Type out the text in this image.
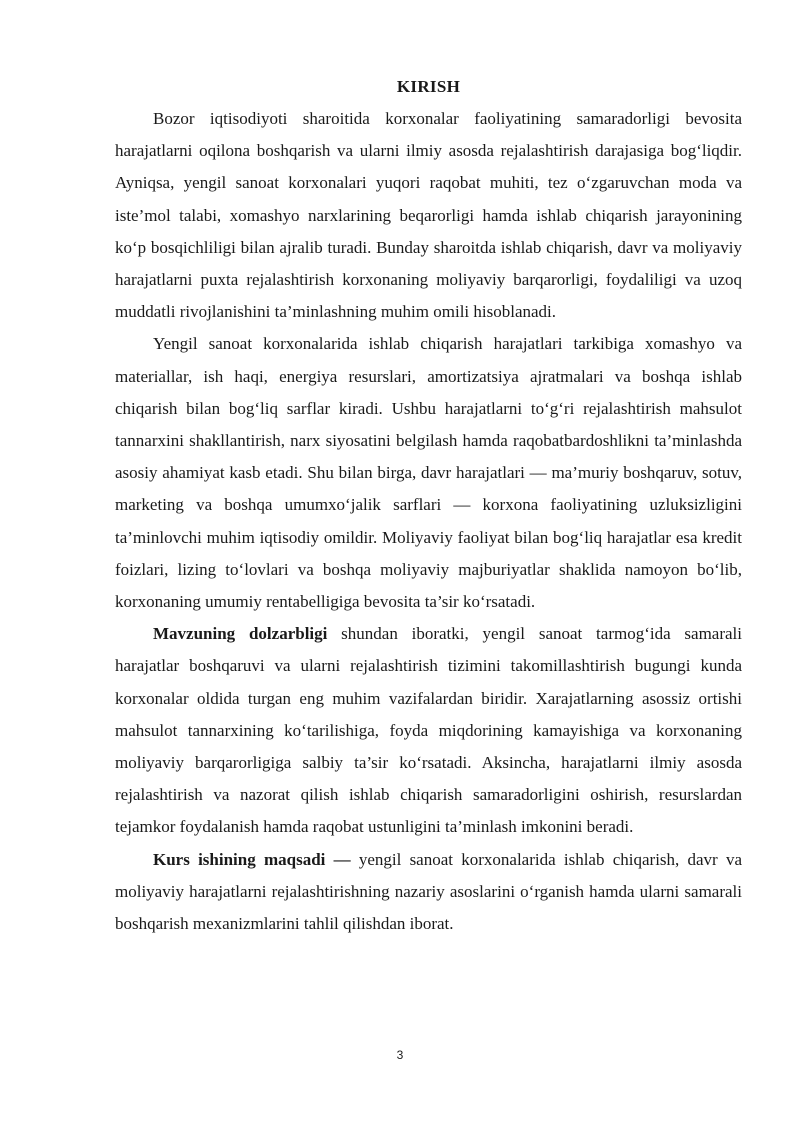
KIRISH

Bozor iqtisodiyoti sharoitida korxonalar faoliyatining samaradorligi bevosita harajatlarni oqilona boshqarish va ularni ilmiy asosda rejalashtirish darajasiga bog‘liqdir. Ayniqsa, yengil sanoat korxonalari yuqori raqobat muhiti, tez o‘zgaruvchan moda va iste’mol talabi, xomashyo narxlarining beqarorligi hamda ishlab chiqarish jarayonining ko‘p bosqichliligi bilan ajralib turadi. Bunday sharoitda ishlab chiqarish, davr va moliyaviy harajatlarni puxta rejalashtirish korxonaning moliyaviy barqarorligi, foydaliligi va uzoq muddatli rivojlanishini ta’minlashning muhim omili hisoblanadi.

Yengil sanoat korxonalarida ishlab chiqarish harajatlari tarkibiga xomashyo va materiallar, ish haqi, energiya resurslari, amortizatsiya ajratmalari va boshqa ishlab chiqarish bilan bog‘liq sarflar kiradi. Ushbu harajatlarni to‘g‘ri rejalashtirish mahsulot tannarxini shakllantirish, narx siyosatini belgilash hamda raqobatbardoshlikni ta’minlashda asosiy ahamiyat kasb etadi. Shu bilan birga, davr harajatlari — ma’muriy boshqaruv, sotuv, marketing va boshqa umumxo‘jalik sarflari — korxona faoliyatining uzluksizligini ta’minlovchi muhim iqtisodiy omildir. Moliyaviy faoliyat bilan bog‘liq harajatlar esa kredit foizlari, lizing to‘lovlari va boshqa moliyaviy majburiyatlar shaklida namoyon bo‘lib, korxonaning umumiy rentabelligiga bevosita ta’sir ko‘rsatadi.

Mavzuning dolzarbligi shundan iboratki, yengil sanoat tarmog‘ida samarali harajatlar boshqaruvi va ularni rejalashtirish tizimini takomillashtirish bugungi kunda korxonalar oldida turgan eng muhim vazifalardan biridir. Xarajatlarning asossiz ortishi mahsulot tannarxining ko‘tarilishiga, foyda miqdorining kamayishiga va korxonaning moliyaviy barqarorligiga salbiy ta’sir ko‘rsatadi. Aksincha, harajatlarni ilmiy asosda rejalashtirish va nazorat qilish ishlab chiqarish samaradorligini oshirish, resurslardan tejamkor foydalanish hamda raqobat ustunligini ta’minlash imkonini beradi.

Kurs ishining maqsadi — yengil sanoat korxonalarida ishlab chiqarish, davr va moliyaviy harajatlarni rejalashtirishning nazariy asoslarini o‘rganish hamda ularni samarali boshqarish mexanizmlarini tahlil qilishdan iborat.

3
